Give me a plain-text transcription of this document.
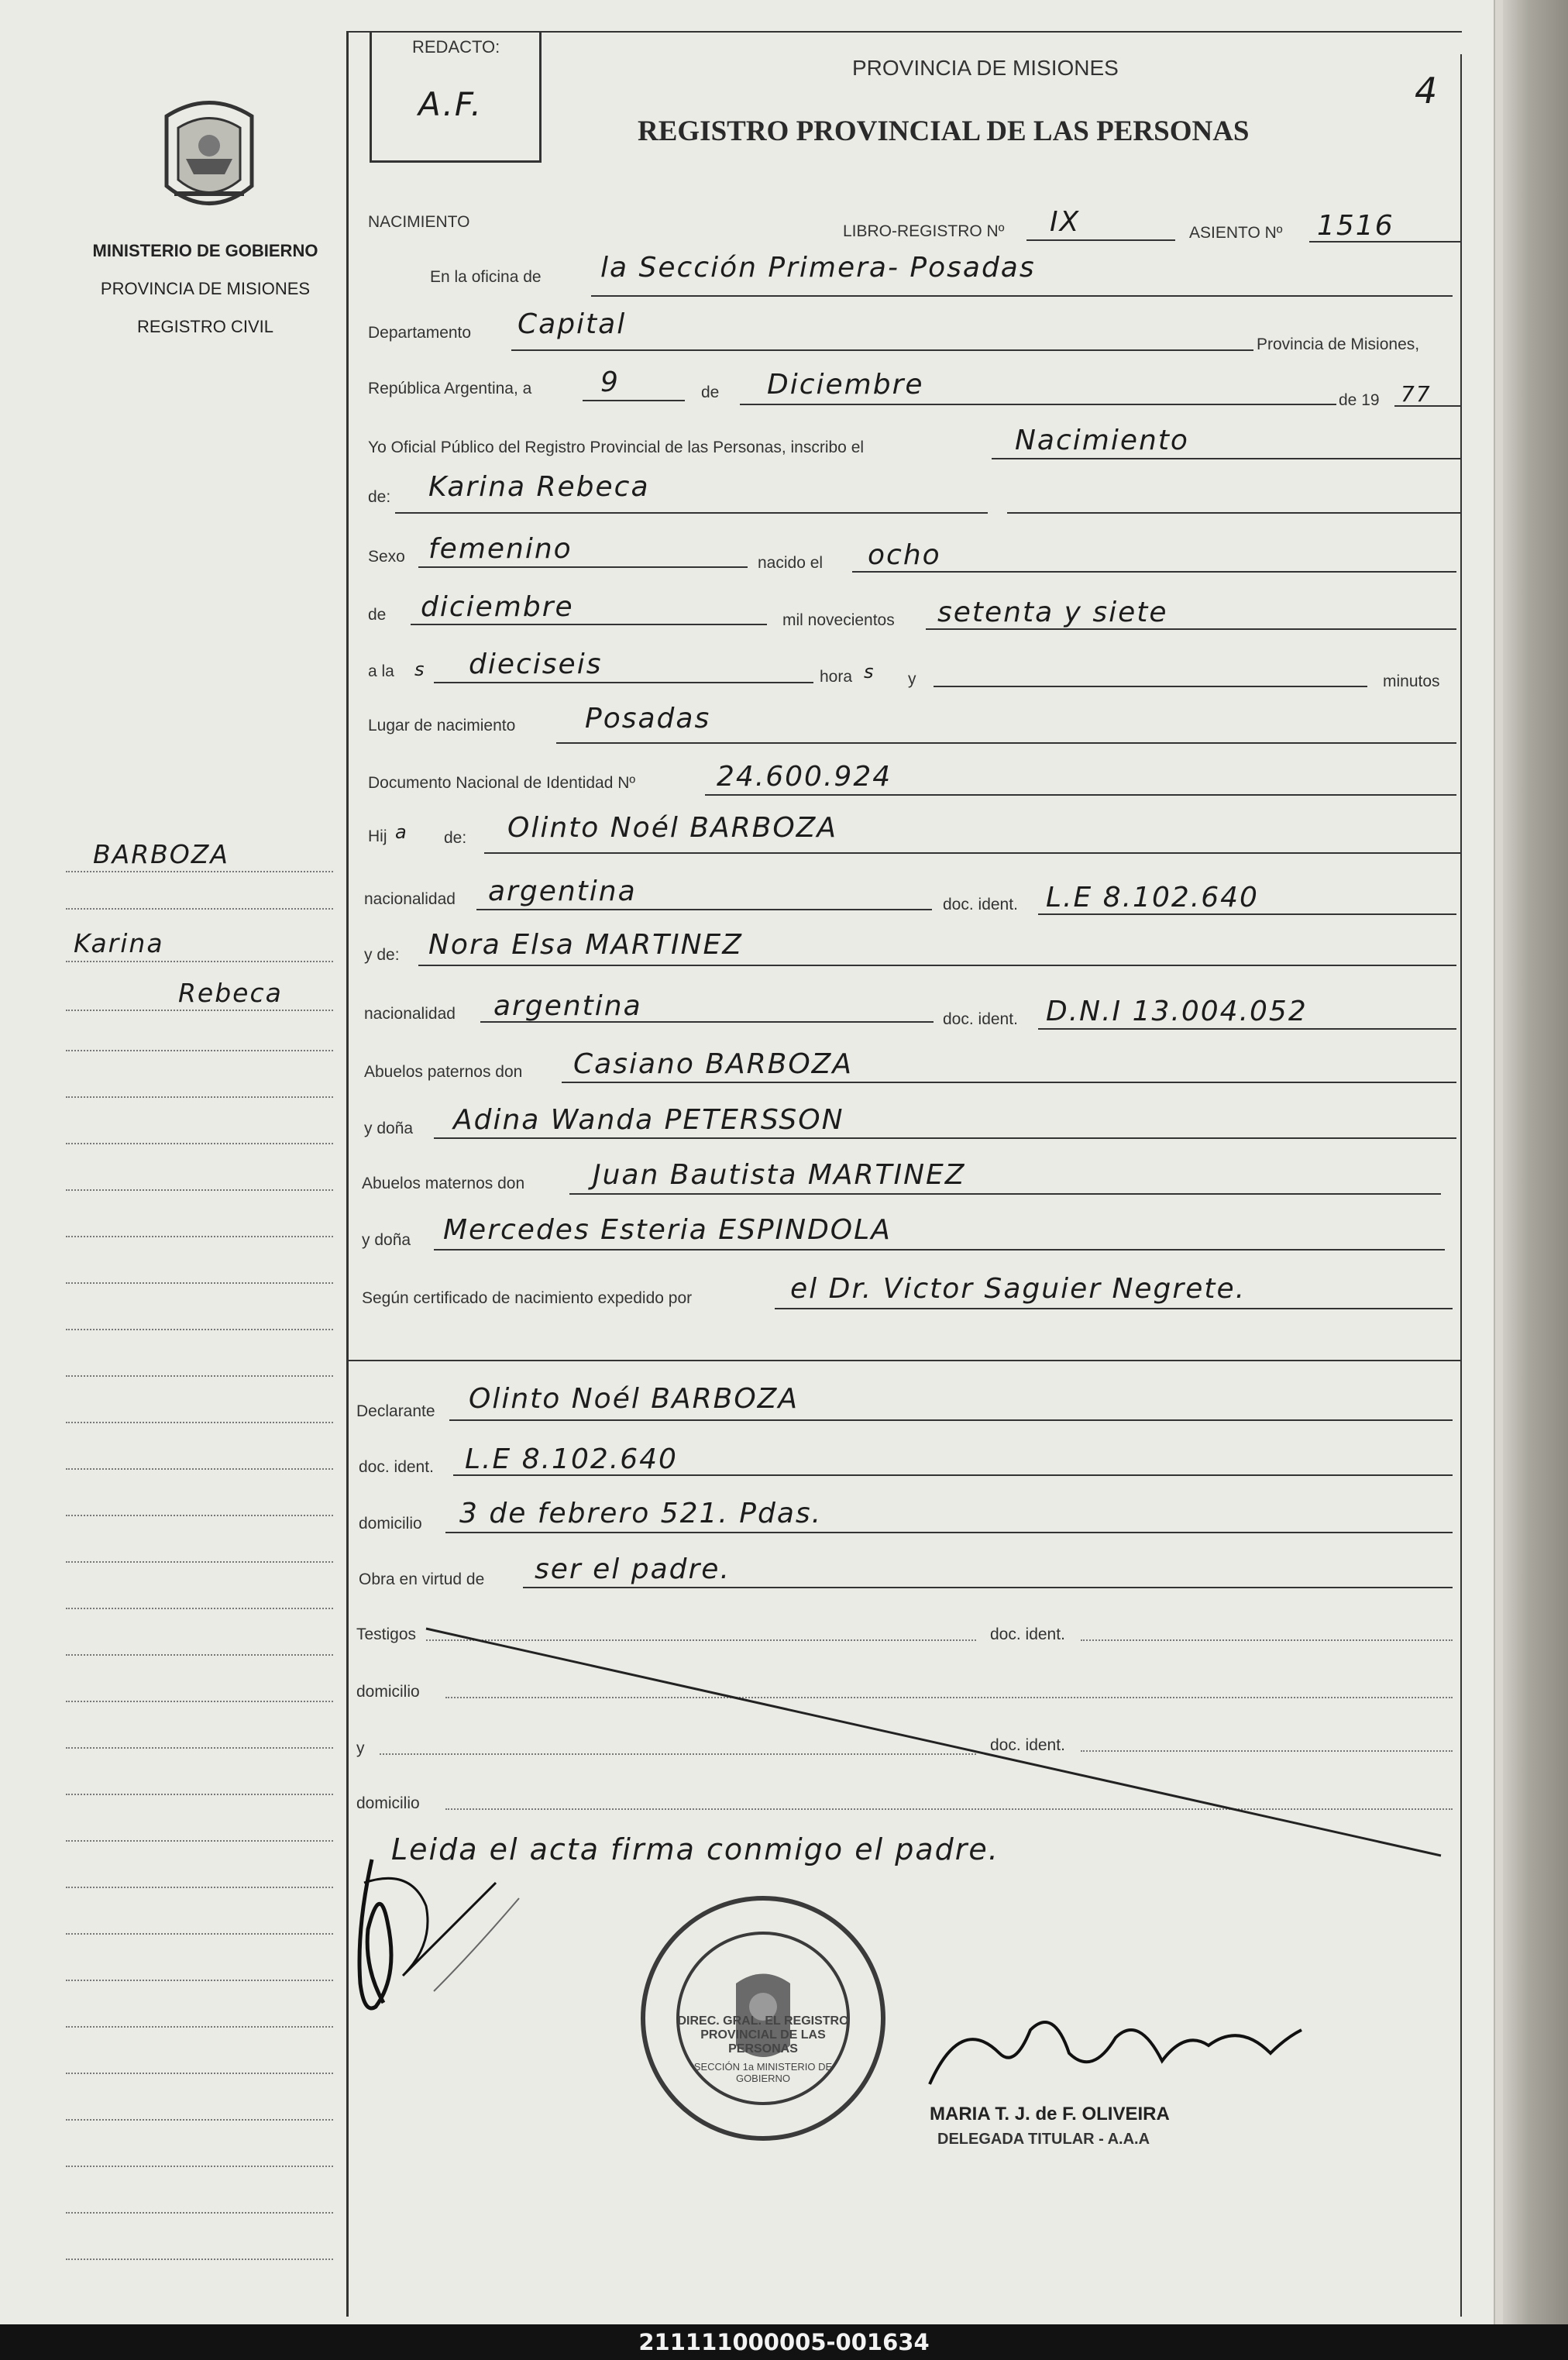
MINISTERIO DE GOBIERNO
PROVINCIA DE MISIONES
REGISTRO CIVIL
BARBOZA
Karina
Rebeca
REDACTO:
A.F.
PROVINCIA DE MISIONES
REGISTRO PROVINCIAL DE LAS PERSONAS
4
NACIMIENTO
LIBRO-REGISTRO Nº IX	ASIENTO Nº 1516
En la oficina de la Sección Primera- Posadas
Departamento Capital
Provincia de Misiones,
República Argentina, a 9	de Diciembre	de 19 77
Yo Oficial Público del Registro Provincial de las Personas, inscribo el	Nacimiento
de: Karina Rebeca
Sexo femenino	nacido el ocho
de diciembre	mil novecientos setenta y siete
a la s dieciseis	hora s y	minutos
Lugar de nacimiento Posadas
Documento Nacional de Identidad Nº	24.600.924
Hij a de: Olinto Noél BARBOZA
nacionalidad argentina	doc. ident. L.E 8.102.640
y de: Nora Elsa MARTINEZ
nacionalidad argentina	doc. ident. D.N.I 13.004.052
Abuelos paternos don Casiano BARBOZA
y doña Adina Wanda PETERSSON
Abuelos maternos don Juan Bautista MARTINEZ
y doña Mercedes Esteria ESPINDOLA
Según certificado de nacimiento expedido por	el Dr. Victor Saguier Negrete.
Declarante Olinto Noél BARBOZA
doc. ident. L.E 8.102.640
domicilio 3 de febrero 521. Pdas.
Obra en virtud de ser el padre.
Testigos	doc. ident.
domicilio
y	doc. ident.
domicilio
Leida el acta firma conmigo el padre.
DIREC. GRAL. EL REGISTRO PROVINCIAL DE LAS PERSONAS
SECCIÓN 1a MINISTERIO DE GOBIERNO
MARIA T. J. de F. OLIVEIRA
DELEGADA TITULAR - A.A.A
211111000005-001634
